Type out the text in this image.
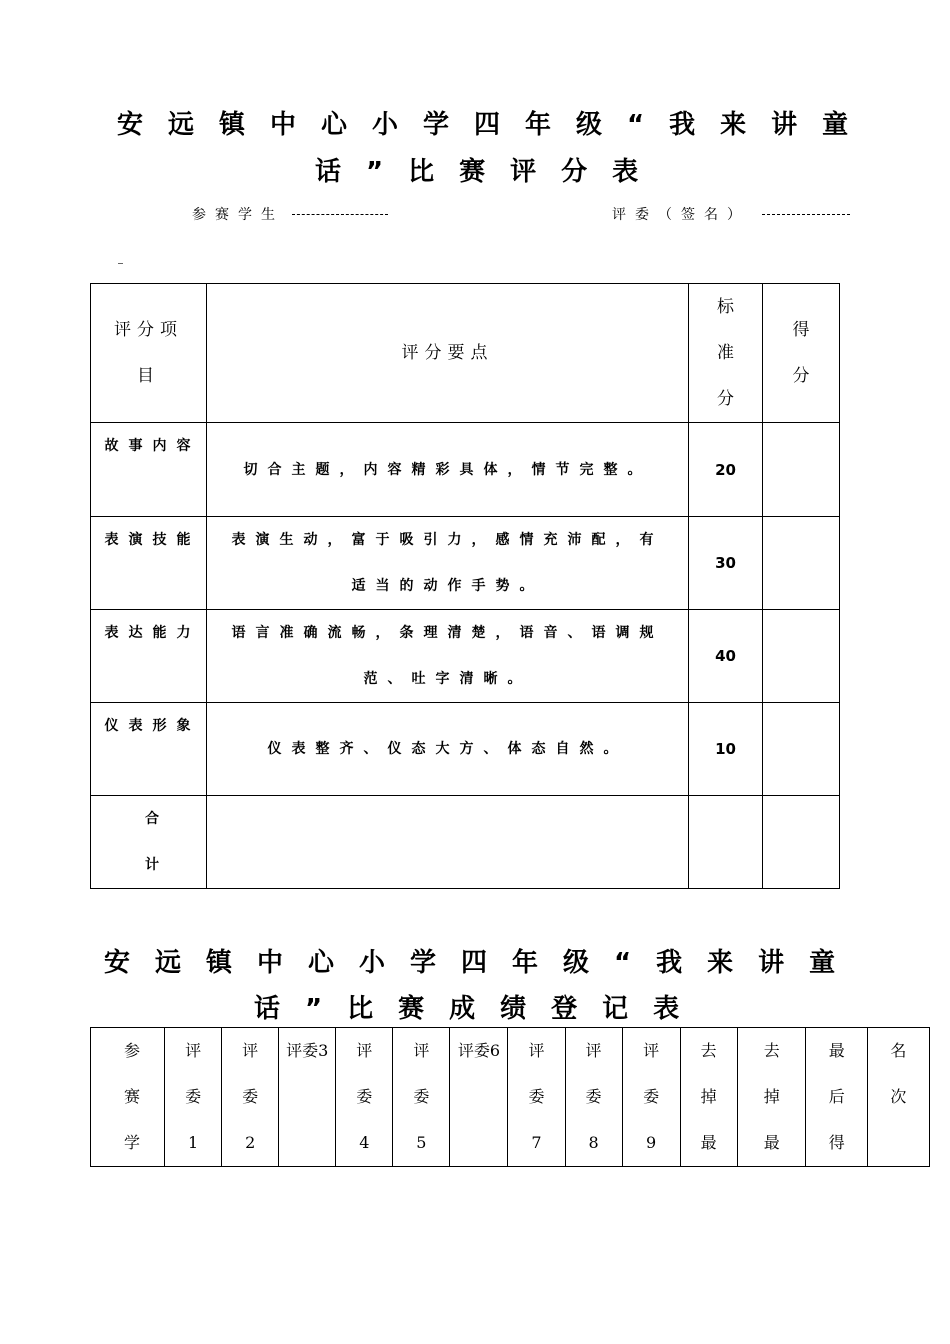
安远镇中心小学四年级“我来讲童
话”比赛评分表
参赛学生	评委（签名）
评分项目	评分要点	标准分	得分
故事内容	切合主题，内容精彩具体，情节完整。	20	
表演技能	表演生动，富于吸引力，感情充沛配，有适当的动作手势。	30	
表达能力	语言准确流畅，条理清楚，语音、语调规范、吐字清晰。	40	
仪表形象	仪表整齐、仪态大方、体态自然。	10	
合计			
安远镇中心小学四年级“我来讲童
话”比赛成绩登记表
参赛学	评委1	评委2	评委3	评委4	评委5	评委6	评委7	评委8	评委9	去掉最	去掉最	最后得	名次
